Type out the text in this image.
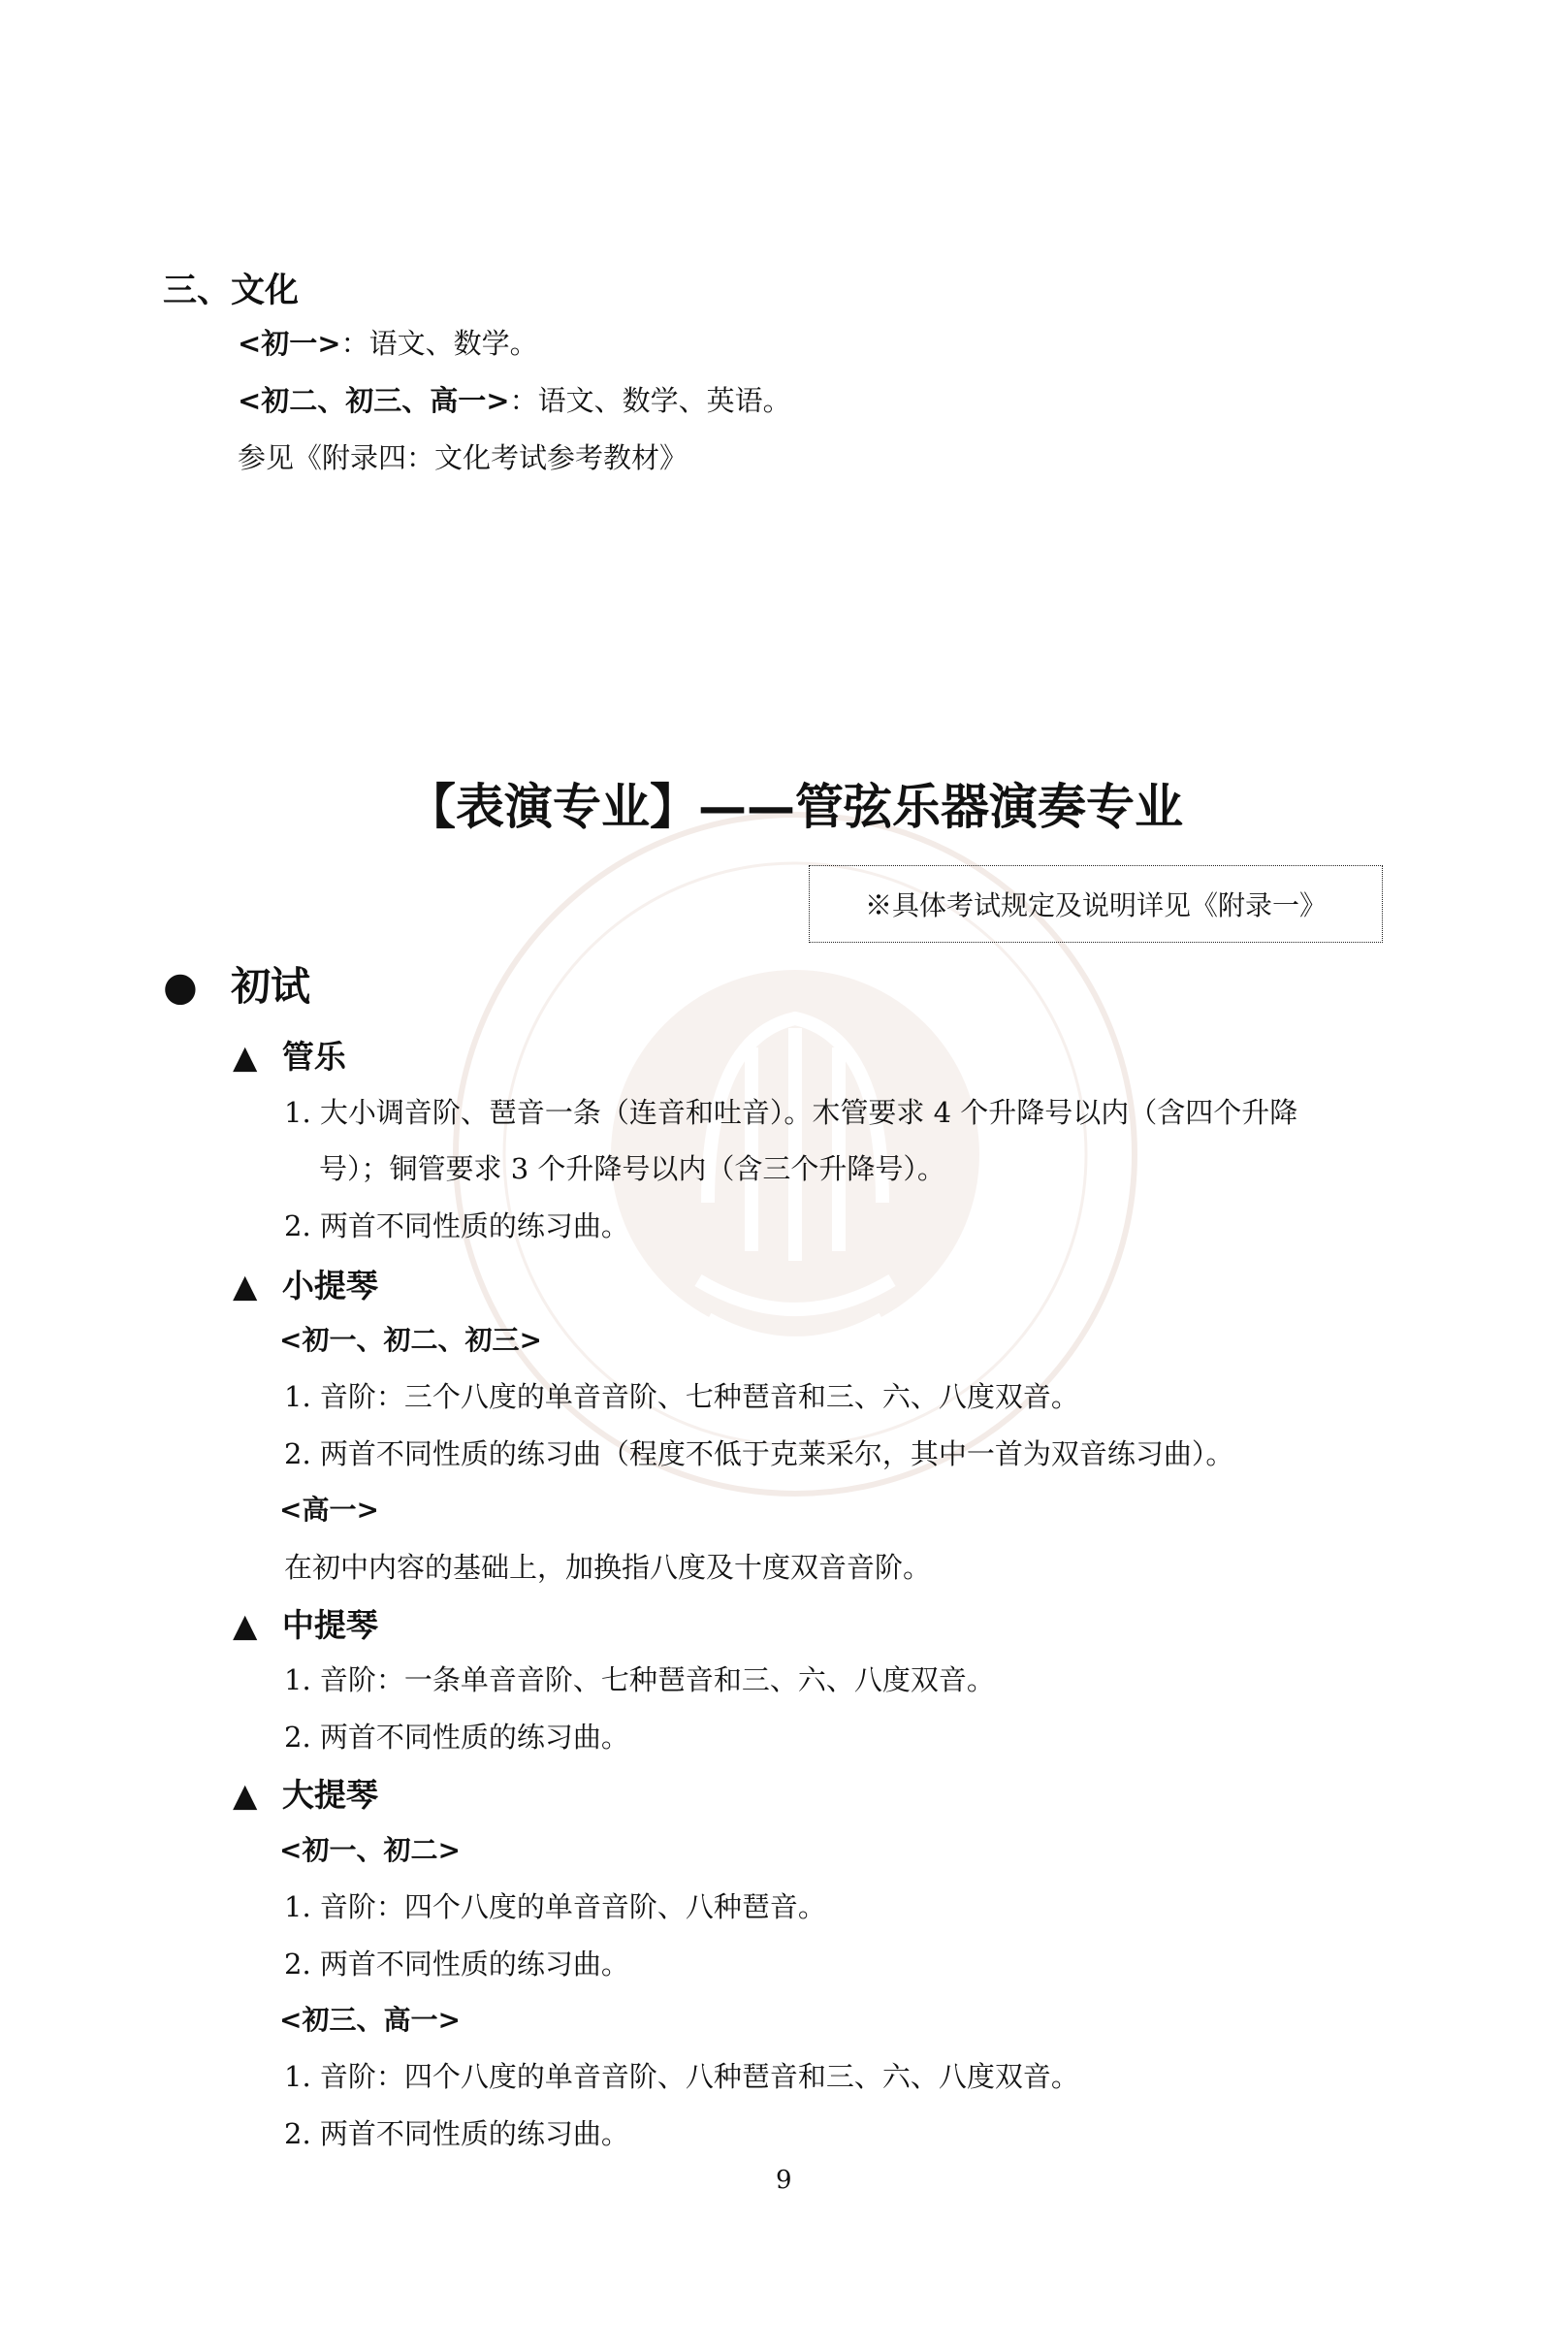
三、文化
<初一>：语文、数学。
<初二、初三、高一>：语文、数学、英语。
参见《附录四：文化考试参考教材》
【表演专业】——管弦乐器演奏专业
※具体考试规定及说明详见《附录一》
● 初试
▲ 管乐
1. 大小调音阶、琶音一条（连音和吐音）。木管要求 4 个升降号以内（含四个升降
号）；铜管要求 3 个升降号以内（含三个升降号）。
2. 两首不同性质的练习曲。
▲ 小提琴
<初一、初二、初三>
1. 音阶：三个八度的单音音阶、七种琶音和三、六、八度双音。
2. 两首不同性质的练习曲（程度不低于克莱采尔，其中一首为双音练习曲）。
<高一>
在初中内容的基础上，加换指八度及十度双音音阶。
▲ 中提琴
1. 音阶：一条单音音阶、七种琶音和三、六、八度双音。
2. 两首不同性质的练习曲。
▲ 大提琴
<初一、初二>
1. 音阶：四个八度的单音音阶、八种琶音。
2. 两首不同性质的练习曲。
<初三、高一>
1. 音阶：四个八度的单音音阶、八种琶音和三、六、八度双音。
2. 两首不同性质的练习曲。
9
